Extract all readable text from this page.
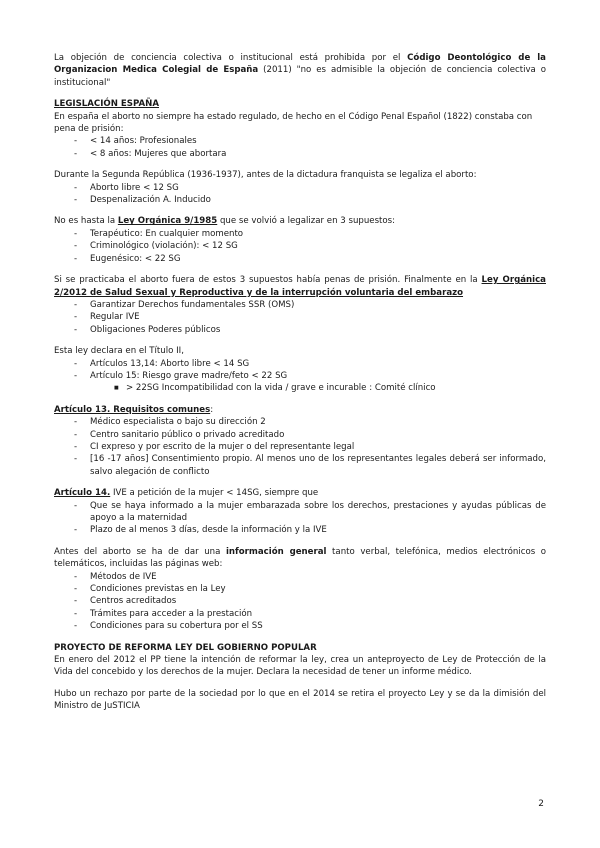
La objeción de conciencia colectiva o institucional está prohibida por el Código Deontológico de la Organizacion Medica Colegial de España (2011) "no es admisible la objeción de conciencia colectiva o institucional"

LEGISLACIÓN ESPAÑA

En españa el aborto no siempre ha estado regulado, de hecho en el Código Penal Español (1822) constaba con pena de prisión:

- < 14 años: Profesionales
- < 8 años: Mujeres que abortara

Durante la Segunda República (1936-1937), antes de la dictadura franquista se legaliza el aborto:

- Aborto libre < 12 SG
- Despenalización A. Inducido

No es hasta la Ley Orgánica 9/1985 que se volvió a legalizar en 3 supuestos:

- Terapéutico: En cualquier momento
- Criminológico (violación): < 12 SG
- Eugenésico: < 22 SG

Si se practicaba el aborto fuera de estos 3 supuestos había penas de prisión. Finalmente en la Ley Orgánica 2/2012 de Salud Sexual y Reproductiva y de la interrupción voluntaria del embarazo

- Garantizar Derechos fundamentales SSR (OMS)
- Regular IVE
- Obligaciones Poderes públicos

Esta ley declara en el Título II,

- Artículos 13,14: Aborto libre < 14 SG
- Artículo 15: Riesgo grave madre/feto < 22 SG
■ > 22SG Incompatibilidad con la vida / grave e incurable : Comité clínico

Artículo 13. Requisitos comunes:

- Médico especialista o bajo su dirección 2
- Centro sanitario público o privado acreditado
- CI expreso y por escrito de la mujer o del representante legal
- [16 -17 años] Consentimiento propio. Al menos uno de los representantes legales deberá ser informado, salvo alegación de conflicto

Artículo 14. IVE a petición de la mujer < 14SG, siempre que

- Que se haya informado a la mujer embarazada sobre los derechos, prestaciones y ayudas públicas de apoyo a la maternidad
- Plazo de al menos 3 días, desde la información y la IVE

Antes del aborto se ha de dar una información general tanto verbal, telefónica, medios electrónicos o telemáticos, incluidas las páginas web:

- Métodos de IVE
- Condiciones previstas en la Ley
- Centros acreditados
- Trámites para acceder a la prestación
- Condiciones para su cobertura por el SS

PROYECTO DE REFORMA LEY DEL GOBIERNO POPULAR

En enero del 2012 el PP tiene la intención de reformar la ley, crea un anteproyecto de Ley de Protección de la Vida del concebido y los derechos de la mujer. Declara la necesidad de tener un informe médico.

Hubo un rechazo por parte de la sociedad por lo que en el 2014 se retira el proyecto Ley y se da la dimisión del Ministro de JuSTICIA

2
